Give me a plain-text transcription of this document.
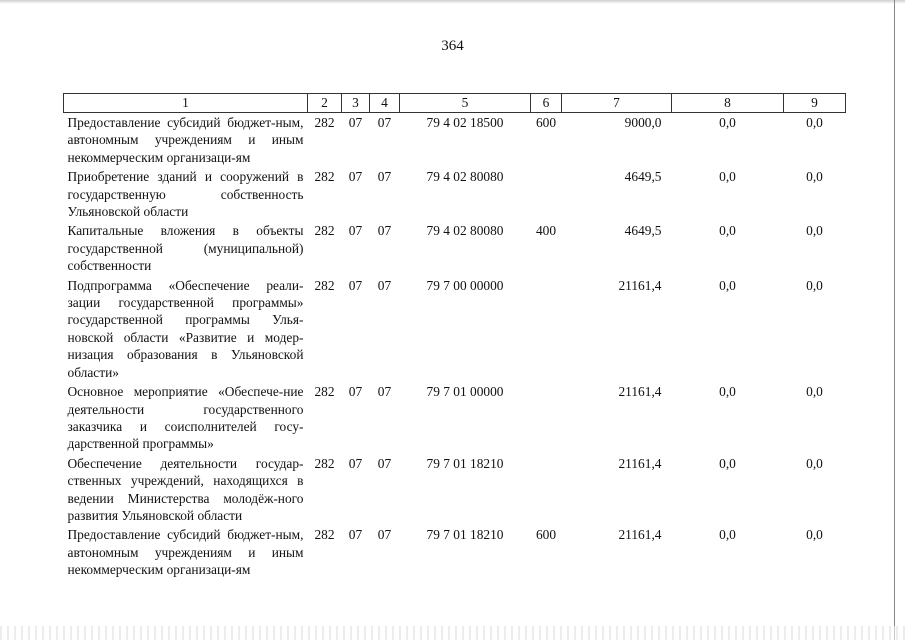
364
1	2	3	4	5	6	7	8	9
Предоставление субсидий бюджет-ным, автономным учреждениям и иным некоммерческим организаци-ям	282	07	07	79 4 02 18500	600	9000,0	0,0	0,0
Приобретение зданий и сооружений в государственную собственность Ульяновской области	282	07	07	79 4 02 80080		4649,5	0,0	0,0
Капитальные вложения в объекты государственной (муниципальной) собственности	282	07	07	79 4 02 80080	400	4649,5	0,0	0,0
Подпрограмма «Обеспечение реали-зации государственной программы» государственной программы Улья-новской области «Развитие и модер-низация образования в Ульяновской области»	282	07	07	79 7 00 00000		21161,4	0,0	0,0
Основное мероприятие «Обеспече-ние деятельности государственного заказчика и соисполнителей госу-дарственной программы»	282	07	07	79 7 01 00000		21161,4	0,0	0,0
Обеспечение деятельности государ-ственных учреждений, находящихся в ведении Министерства молодёж-ного развития Ульяновской области	282	07	07	79 7 01 18210		21161,4	0,0	0,0
Предоставление субсидий бюджет-ным, автономным учреждениям и иным некоммерческим организаци-ям	282	07	07	79 7 01 18210	600	21161,4	0,0	0,0
